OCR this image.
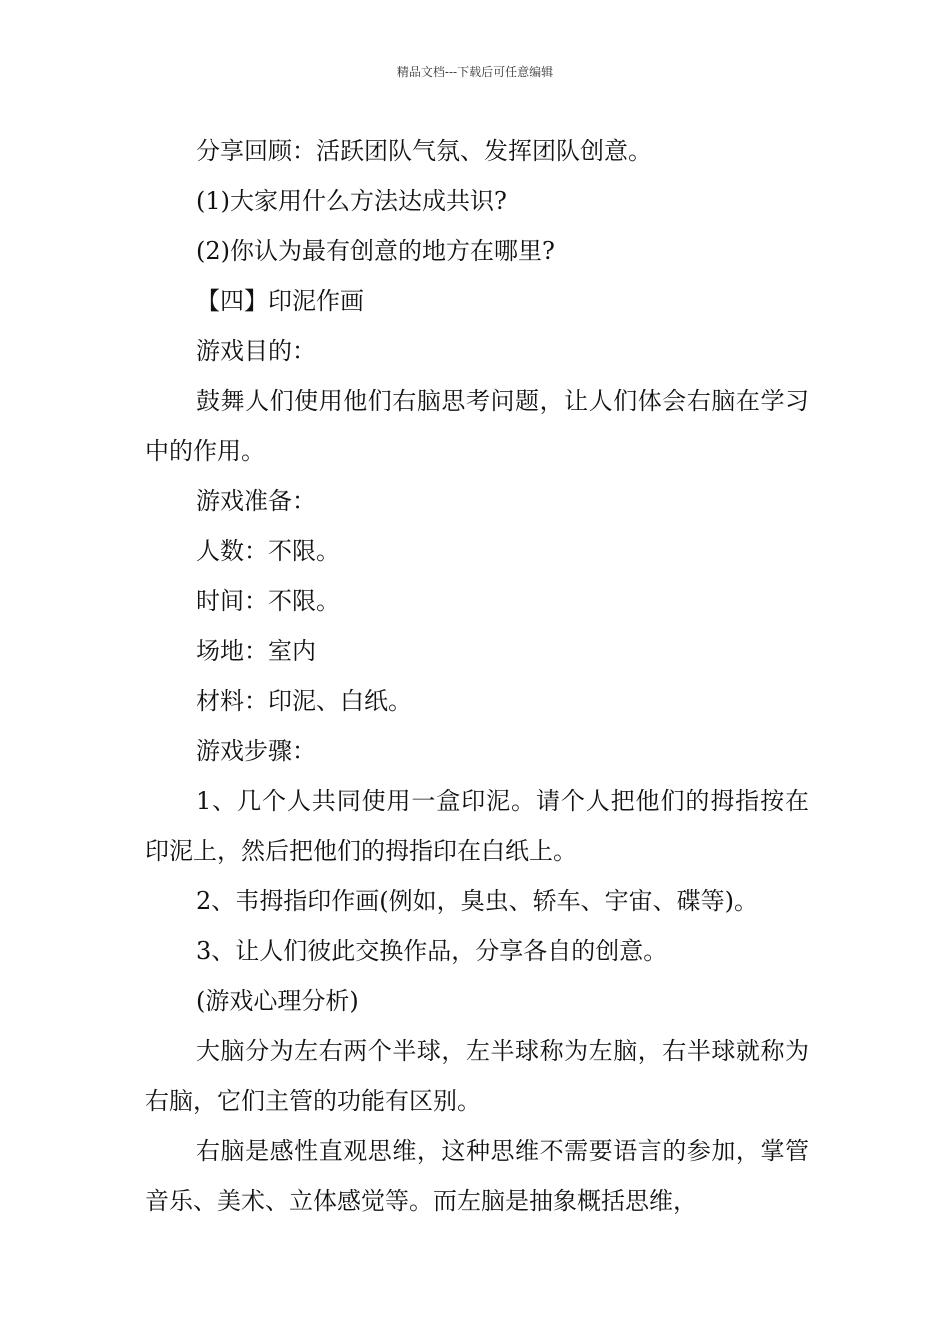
精品文档---下载后可任意编辑

分享回顾：活跃团队气氛、发挥团队创意。

(1)大家用什么方法达成共识?

(2)你认为最有创意的地方在哪里?

【四】印泥作画

游戏目的：

鼓舞人们使用他们右脑思考问题，让人们体会右脑在学习中的作用。

游戏准备：

人数：不限。

时间：不限。

场地：室内

材料：印泥、白纸。

游戏步骤：

1、几个人共同使用一盒印泥。请个人把他们的拇指按在印泥上，然后把他们的拇指印在白纸上。

2、韦拇指印作画(例如，臭虫、轿车、宇宙、碟等)。

3、让人们彼此交换作品，分享各自的创意。

(游戏心理分析)

大脑分为左右两个半球，左半球称为左脑，右半球就称为右脑，它们主管的功能有区别。

右脑是感性直观思维，这种思维不需要语言的参加，掌管音乐、美术、立体感觉等。而左脑是抽象概括思维，
